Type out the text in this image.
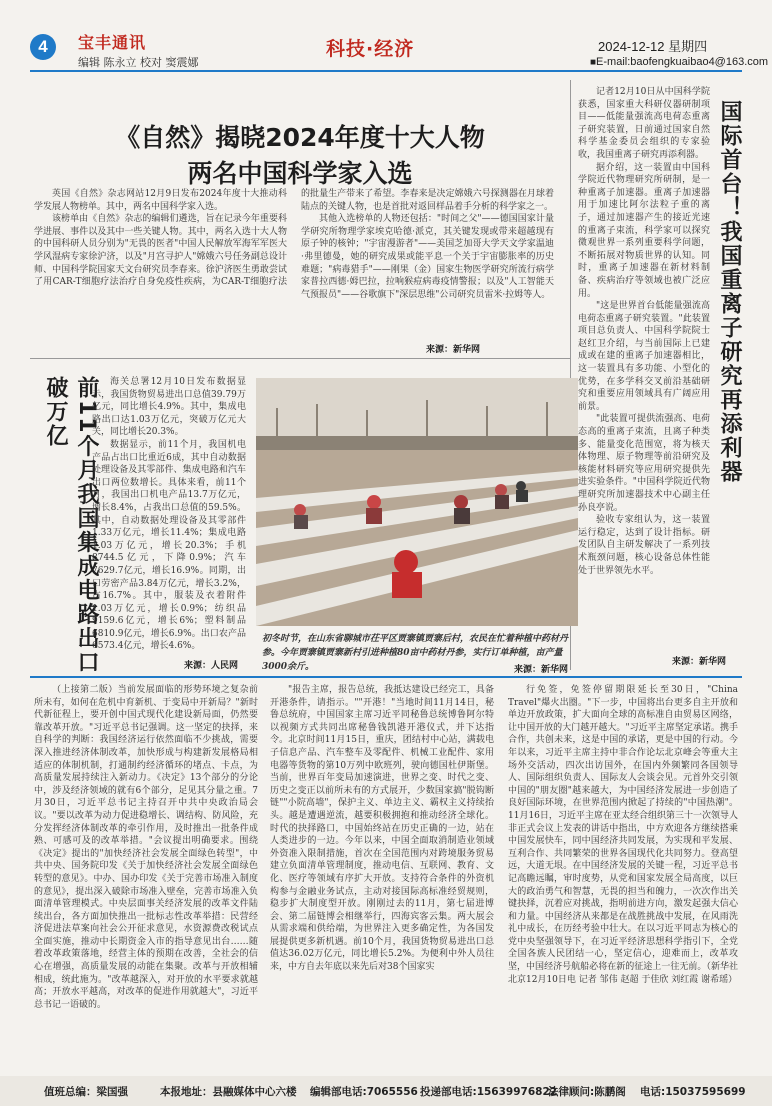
4	宝丰通讯
编辑 陈永立 校对 窦震娜
科技·经济	2024-12-12 星期四
■E-mail:baofengkuaibao4@163.com
《自然》揭晓2024年度十大人物
两名中国科学家入选

英国《自然》杂志网站12月9日发布2024年度十大推动科学发展人物榜单。其中，两名中国科学家入选。

该榜单由《自然》杂志的编辑们遴选，旨在记录今年重要科学进展、事件以及其中一些关键人物。其中，两名入选十大人物的中国科研人员分别为"无畏的医者"中国人民解放军海军军医大学风湿病专家徐沪济，以及"月宫寻护人"嫦娥六号任务副总设计师、中国科学院国家天文台研究员李春来。徐沪济医生勇敢尝试了用CAR-T细胞疗法治疗自身免疫性疾病，为CAR-T细胞疗法的批量生产带来了希望。李春来是决定嫦娥六号探测器在月球着陆点的关键人物，也是首批对返回样品着手分析的科学家之一。

其他入选榜单的人物还包括："时间之父"——德国国家计量学研究所物理学家埃克哈德·派克，其关键发现或带来超越现有原子钟的核钟；"宇宙漫游者"——美国芝加哥大学天文学家温迪·弗里德曼，她的研究成果或能平息一个关于宇宙膨胀率的历史难题；"病毒猎手"——刚果（金）国家生物医学研究所流行病学家普拉西德·姆巴拉，拉响猴痘病毒疫情警报；以及"人工智能天气预报员"——谷歌旗下"深层思维"公司研究员雷米·拉姆等人。

来源：新华网

记者12月10日从中国科学院获悉，国家重大科研仪器研制项目——低能量强流高电荷态重离子研究装置，日前通过国家自然科学基金委员会组织的专家验收，我国重离子研究再添利器。

据介绍，这一装置由中国科学院近代物理研究所研制，是一种重离子加速器。重离子加速器用于加速比阿尔法粒子重的离子，通过加速器产生的接近光速的重离子束流，科学家可以探究微观世界一系列重要科学问题，不断拓展对物质世界的认知。同时，重离子加速器在新材料制备、疾病治疗等领域也被广泛应用。

"这是世界首台低能量强流高电荷态重离子研究装置。"此装置项目总负责人、中国科学院院士赵红卫介绍，与当前国际上已建成或在建的重离子加速器相比，这一装置具有多功能、小型化的优势，在多学科交叉前沿基础研究和重要应用领域具有广阔应用前景。

"此装置可提供流强高、电荷态高的重离子束流，且离子种类多、能量变化范围宽，将为核天体物理、原子物理等前沿研究及核能材料研究等应用研究提供先进实验条件。"中国科学院近代物理研究所加速器技术中心副主任孙良亭说。

验收专家组认为，这一装置运行稳定，达到了设计指标。研发团队自主研发解决了一系列技术瓶颈问题，核心设备总体性能处于世界领先水平。

国际首台！我国重离子研究再添利器
来源：新华网
前11个月我国集成电路出口破万亿	海关总署12月10日发布数据显示，我国货物贸易进出口总值39.79万亿元，同比增长4.9%。其中，集成电路出口达1.03万亿元，突破万亿元大关，同比增长20.3%。

数据显示，前11个月，我国机电产品占出口比重近6成，其中自动数据处理设备及其零部件、集成电路和汽车出口两位数增长。具体来看，前11个月，我国出口机电产品13.7万亿元，增长8.4%，占我出口总值的59.5%。其中，自动数据处理设备及其零部件1.33万亿元，增长11.4%；集成电路1.03万亿元，增长20.3%；手机8744.5亿元，下降0.9%；汽车7629.7亿元，增长16.9%。同期，出口劳密产品3.84万亿元，增长3.2%，占16.7%。其中，服装及衣着附件1.03万亿元，增长0.9%；纺织品9159.6亿元，增长6%；塑料制品6810.9亿元，增长6.9%。出口农产品6573.4亿元，增长4.6%。

来源：人民网
初冬时节，在山东省聊城市茌平区贾寨镇贾寨后村，农民在忙着种植中药材丹参。今年贾寨镇贾寨新村引进种植80亩中药材丹参，实行订单种植，亩产量3000余斤。	来源：新华网

（上接第二版）当前发展面临的形势环境之复杂前所未有，如何在危机中育新机、于变局中开新局？"新时代新征程上，要开创中国式现代化建设新局面，仍然要靠改革开放。"习近平总书记强调。这一坚定的抉择，来自科学的判断：我国经济运行依然面临不少挑战，需要深入推进经济体制改革，加快形成与构建新发展格局相适应的体制机制，打通制约经济循环的堵点、卡点，为高质量发展持续注入新动力。《决定》13个部分的分论中，涉及经济领域的就有6个部分，足见其分量之重。7月30日，习近平总书记主持召开中共中央政治局会议。"要以改革为动力促进稳增长、调结构、防风险，充分发挥经济体制改革的牵引作用，及时推出一批条件成熟、可感可及的改革举措。"会议提出明确要求。围绕《决定》提出的"加快经济社会发展全面绿色转型"，中共中央、国务院印发《关于加快经济社会发展全面绿色转型的意见》。中办、国办印发《关于完善市场准入制度的意见》，提出深入破除市场准入壁垒，完善市场准入负面清单管理模式。中央层面事关经济发展的改革文件陆续出台，各方面加快推出一批标志性改革举措：民营经济促进法草案向社会公开征求意见，水资源费改税试点全面实施，推动中长期资金入市的指导意见出台……随着改革政策落地，经营主体的预期在改善，全社会的信心在增强，高质量发展的动能在集聚。改革与开放相辅相成，统此施为。"改革越深入，对开放的水平要求就越高；开放水平越高，对改革的促进作用就越大"，习近平总书记一语破的。

"报告主席，报告总统，我抵达建设已经完工，具备开港条件，请指示。""开港！"当地时间11月14日，秘鲁总统府，中国国家主席习近平同秘鲁总统博鲁阿尔特以视频方式共同出席秘鲁钱凯港开港仪式，并下达指令。北京时间11月15日，重庆，团结村中心站，满载电子信息产品、汽车整车及零配件、机械工业配件、家用电器等货物的第10万列中欧班列，驶向德国杜伊斯堡。当前，世界百年变局加速演进，世界之变、时代之变、历史之变正以前所未有的方式展开，少数国家搞"脱钩断链""小院高墙"，保护主义、单边主义、霸权主义持续抬头。越是遭遇逆流，越要积极拥抱和推动经济全球化。时代的抉择路口，中国始终站在历史正确的一边，站在人类进步的一边。今年以来，中国全面取消制造业领域外资准入限制措施，首次在全国范围内对跨境服务贸易建立负面清单管理制度，推动电信、互联网、教育、文化、医疗等领域有序扩大开放。支持符合条件的外资机构参与金融业务试点，主动对接国际高标准经贸规则，稳步扩大制度型开放。刚刚过去的11月，第七届进博会、第二届链博会相继举行，四海宾客云集。两大展会从需求端和供给端，为世界注入更多确定性，为各国发展提供更多新机遇。前10个月，我国货物贸易进出口总值达36.02万亿元，同比增长5.2%。为便利中外人员往来，中方自去年底以来先后对38个国家实

行免签，免签停留期限延长至30日，"China Travel"爆火出圈。"下一步，中国将出台更多自主开放和单边开放政策，扩大面向全球的高标准自由贸易区网络，让中国开放的大门越开越大。"习近平主席坚定承诺。携手合作，共创未来，这是中国的承诺，更是中国的行动。今年以来，习近平主席主持中非合作论坛北京峰会等重大主场外交活动，四次出访国外，在国内外频繁同各国领导人、国际组织负责人、国际友人会谈会见。元首外交引领中国的"朋友圈"越来越大，为中国经济发展进一步创造了良好国际环境，在世界范围内掀起了持续的"中国热潮"。11月16日，习近平主席在亚太经合组织第三十一次领导人非正式会议上发表的讲话中指出，中方欢迎各方继续搭乘中国发展快车，同中国经济共同发展，为实现和平发展、互利合作、共同繁荣的世界各国现代化共同努力。登高望远，大道无垠。在中国经济发展的关键一程，习近平总书记高瞻远瞩，审时度势，从党和国家发展全局高度，以巨大的政治勇气和智慧，无畏的担当和魄力，一次次作出关键抉择，沉着应对挑战，指明前进方向，激发起强大信心和力量。中国经济从来都是在战胜挑战中发展，在风雨洗礼中成长，在历经考验中壮大。在以习近平同志为核心的党中央坚强领导下，在习近平经济思想科学指引下，全党全国各族人民团结一心，坚定信心，迎难而上，改革攻坚，中国经济号航船必将在新的征途上一往无前。（新华社北京12月10日电 记者 邹伟 赵超 于佳欣 刘红霞 谢希瑶）

值班总编：梁国强	本报地址：县融媒体中心六楼 编辑部电话:7065556 投递部电话:15639976822
法律顾问:陈鹏阁 电话:15037595699
